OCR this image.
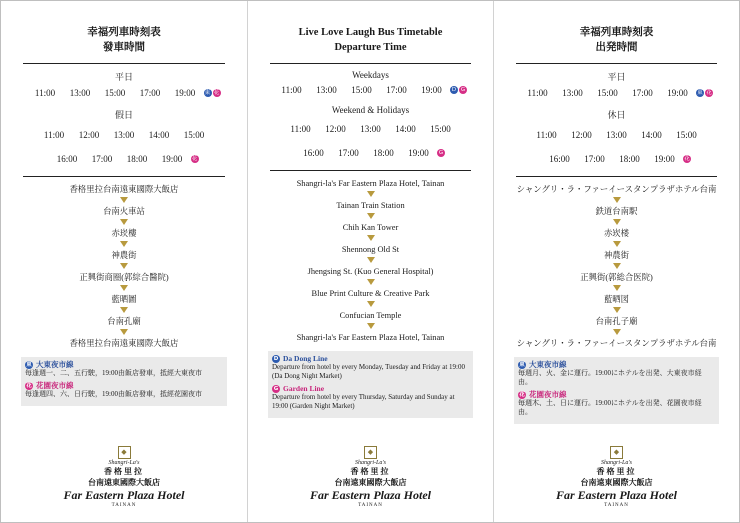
幸福列車時刻表
發車時間
平日
11:00	13:00	15:00	17:00	19:00	東 花
假日
11:00	12:00	13:00	14:00	15:00
16:00	17:00	18:00	19:00	花
香格里拉台南遠東國際大飯店
台南火車站
赤崁樓
神農街
正興街商圈(郭綜合醫院)
藍晒圖
台南孔廟
香格里拉台南遠東國際大飯店
東 大東夜市線
每逢週一、二、五行駛，19:00由飯店發車，抵經大東夜市
花 花園夜市線
每逢週四、六、日行駛，19:00由飯店發車，抵經花園夜市
◆
Shangri-La's
香格里拉
台南遠東國際大飯店
Far Eastern Plaza Hotel
TAINAN
Live Love Laugh Bus Timetable
Departure Time
Weekdays
11:00	13:00	15:00	17:00	19:00	D G
Weekend & Holidays
11:00	12:00	13:00	14:00	15:00
16:00	17:00	18:00	19:00	G
Shangri-la's Far Eastern Plaza Hotel, Tainan
Tainan Train Station
Chih Kan Tower
Shennong Old St
Jhengsing St. (Kuo General Hospital)
Blue Print Culture & Creative Park
Confucian Temple
Shangri-la's Far Eastern Plaza Hotel, Tainan
D Da Dong Line
Departure from hotel by every Monday, Tuesday and Friday at 19:00 (Da Dong Night Market)
G Garden Line
Departure from hotel by every Thursday, Saturday and Sunday at 19:00 (Garden Night Market)
◆
Shangri-La's
香格里拉
台南遠東國際大飯店
Far Eastern Plaza Hotel
TAINAN
幸福列車時刻表
出発時間
平日
11:00	13:00	15:00	17:00	19:00	東 花
休日
11:00	12:00	13:00	14:00	15:00
16:00	17:00	18:00	19:00	花
シャングリ・ラ・ファーイースタンプラザホテル台南
鉄道台南駅
赤崁楼
神農街
正興街(郭総合医院)
藍晒図
台南孔子廟
シャングリ・ラ・ファーイースタンプラザホテル台南
東 大東夜市線
毎週月、火、金に運行。19:00にホテルを出発、大東夜市経由。
花 花園夜市線
毎週木、土、日に運行。19:00にホテルを出発、花園夜市経由。
◆
Shangri-La's
香格里拉
台南遠東國際大飯店
Far Eastern Plaza Hotel
TAINAN
